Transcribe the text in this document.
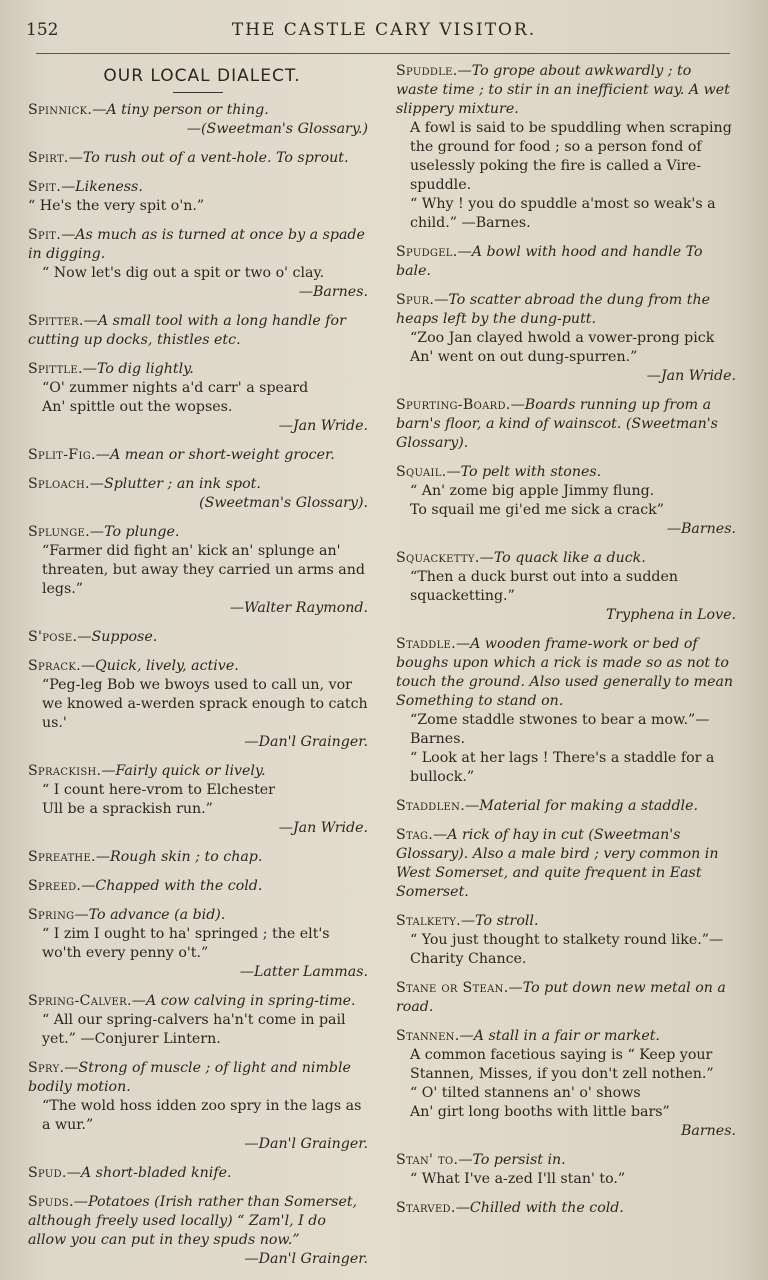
152	THE CASTLE CARY VISITOR.
OUR LOCAL DIALECT.
Spinnick.—A tiny person or thing.
—(Sweetman's Glossary.)
Spirt.—To rush out of a vent-hole. To sprout.
Spit.—Likeness.
“ He's the very spit o'n.”
Spit.—As much as is turned at once by a spade in digging.
“ Now let's dig out a spit or two o' clay.
—Barnes.
Spitter.—A small tool with a long handle for cutting up docks, thistles etc.
Spittle.—To dig lightly.
“O' zummer nights a'd carr' a speard
An' spittle out the wopses.
—Jan Wride.
Split-Fig.—A mean or short-weight grocer.
Sploach.—Splutter ; an ink spot.
(Sweetman's Glossary).
Splunge.—To plunge.
“Farmer did fight an' kick an' splunge an' threaten, but away they carried un arms and legs.”
—Walter Raymond.
S'pose.—Suppose.
Sprack.—Quick, lively, active.
“Peg-leg Bob we bwoys used to call un, vor we knowed a-werden sprack enough to catch us.'
—Dan'l Grainger.
Sprackish.—Fairly quick or lively.
“ I count here-vrom to Elchester
Ull be a sprackish run.”
—Jan Wride.
Spreathe.—Rough skin ; to chap.
Spreed.—Chapped with the cold.
Spring—To advance (a bid).
“ I zim I ought to ha' springed ; the elt's wo'th every penny o't.”
—Latter Lammas.
Spring-Calver.—A cow calving in spring-time.
“ All our spring-calvers ha'n't come in pail yet.” —Conjurer Lintern.
Spry.—Strong of muscle ; of light and nimble bodily motion.
“The wold hoss idden zoo spry in the lags as a wur.”
—Dan'l Grainger.
Spud.—A short-bladed knife.
Spuds.—Potatoes (Irish rather than Somerset, although freely used locally) “ Zam'l, I do allow you can put in they spuds now.”
—Dan'l Grainger.
Spuddle.—To grope about awkwardly ; to waste time ; to stir in an inefficient way. A wet slippery mixture.
A fowl is said to be spuddling when scraping the ground for food ; so a person fond of uselessly poking the fire is called a Vire-spuddle.
“ Why ! you do spuddle a'most so weak's a child.” —Barnes.
Spudgel.—A bowl with hood and handle To bale.
Spur.—To scatter abroad the dung from the heaps left by the dung-putt.
“Zoo Jan clayed hwold a vower-prong pick
An' went on out dung-spurren.”
—Jan Wride.
Spurting-Board.—Boards running up from a barn's floor, a kind of wainscot. (Sweetman's Glossary).
Squail.—To pelt with stones.
“ An' zome big apple Jimmy flung.
To squail me gi'ed me sick a crack”
—Barnes.
Squacketty.—To quack like a duck.
“Then a duck burst out into a sudden squacketting.”
Tryphena in Love.
Staddle.—A wooden frame-work or bed of boughs upon which a rick is made so as not to touch the ground. Also used generally to mean Something to stand on.
“Zome staddle stwones to bear a mow.”—Barnes.
“ Look at her lags ! There's a staddle for a bullock.”
Staddlen.—Material for making a staddle.
Stag.—A rick of hay in cut (Sweetman's Glossary). Also a male bird ; very common in West Somerset, and quite frequent in East Somerset.
Stalkety.—To stroll.
“ You just thought to stalkety round like.”—Charity Chance.
Stane or Stean.—To put down new metal on a road.
Stannen.—A stall in a fair or market.
A common facetious saying is “ Keep your Stannen, Misses, if you don't zell nothen.”
“ O' tilted stannens an' o' shows
An' girt long booths with little bars”
Barnes.
Stan' to.—To persist in.
“ What I've a-zed I'll stan' to.”
Starved.—Chilled with the cold.
